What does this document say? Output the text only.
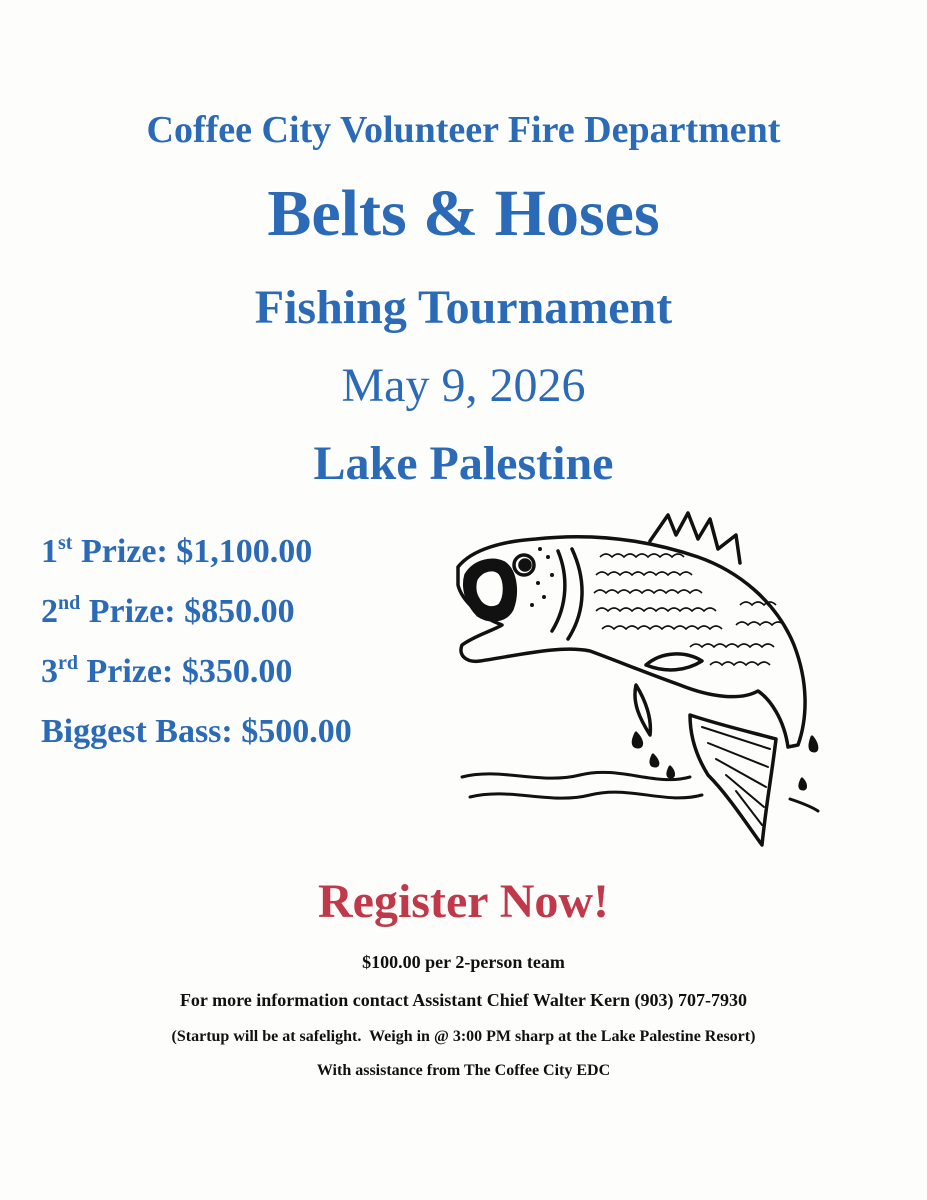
Coffee City Volunteer Fire Department
Belts & Hoses
Fishing Tournament
May 9, 2026
Lake Palestine
1st Prize: $1,100.00
2nd Prize: $850.00
3rd Prize: $350.00
Biggest Bass: $500.00
Register Now!
$100.00 per 2-person team
For more information contact Assistant Chief Walter Kern (903) 707-7930
(Startup will be at safelight.  Weigh in @ 3:00 PM sharp at the Lake Palestine Resort)
With assistance from The Coffee City EDC
